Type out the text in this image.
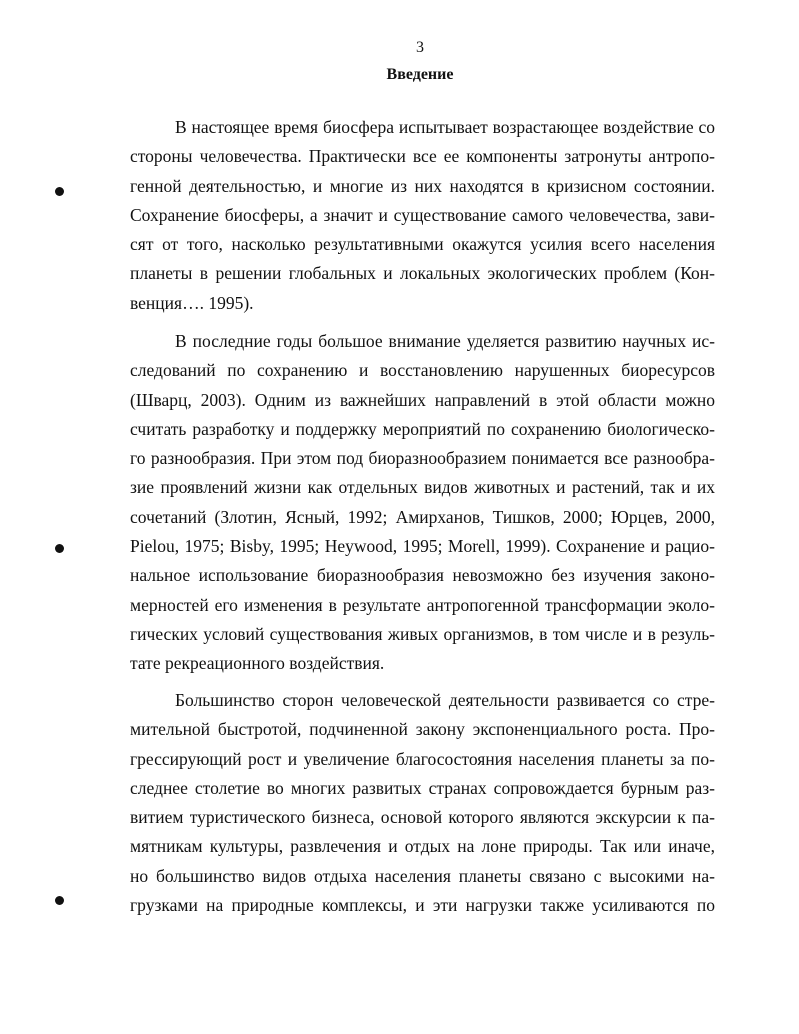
3
Введение
В настоящее время биосфера испытывает возрастающее воздействие со
стороны человечества. Практически все ее компоненты затронуты антропо-
генной деятельностью, и многие из них находятся в кризисном состоянии.
Сохранение биосферы, а значит и существование самого человечества, зави-
сят от того, насколько результативными окажутся усилия всего населения
планеты в решении глобальных и локальных экологических проблем (Кон-
венция…. 1995).
В последние годы большое внимание уделяется развитию научных ис-
следований по сохранению и восстановлению нарушенных биоресурсов
(Шварц, 2003). Одним из важнейших направлений в этой области можно
считать разработку и поддержку мероприятий по сохранению биологическо-
го разнообразия. При этом под биоразнообразием понимается все разнообра-
зие проявлений жизни как отдельных видов животных и растений, так и их
сочетаний (Злотин, Ясный, 1992; Амирханов, Тишков, 2000; Юрцев, 2000,
Pielou, 1975; Bisby, 1995; Heywood, 1995; Morell, 1999). Сохранение и рацио-
нальное использование биоразнообразия невозможно без изучения законо-
мерностей его изменения в результате антропогенной трансформации эколо-
гических условий существования живых организмов, в том числе и в резуль-
тате рекреационного воздействия.
Большинство сторон человеческой деятельности развивается со стре-
мительной быстротой, подчиненной закону экспоненциального роста. Про-
грессирующий рост и увеличение благосостояния населения планеты за по-
следнее столетие во многих развитых странах сопровождается бурным раз-
витием туристического бизнеса, основой которого являются экскурсии к па-
мятникам культуры, развлечения и отдых на лоне природы. Так или иначе,
но большинство видов отдыха населения планеты связано с высокими на-
грузками на природные комплексы, и эти нагрузки также усиливаются по
